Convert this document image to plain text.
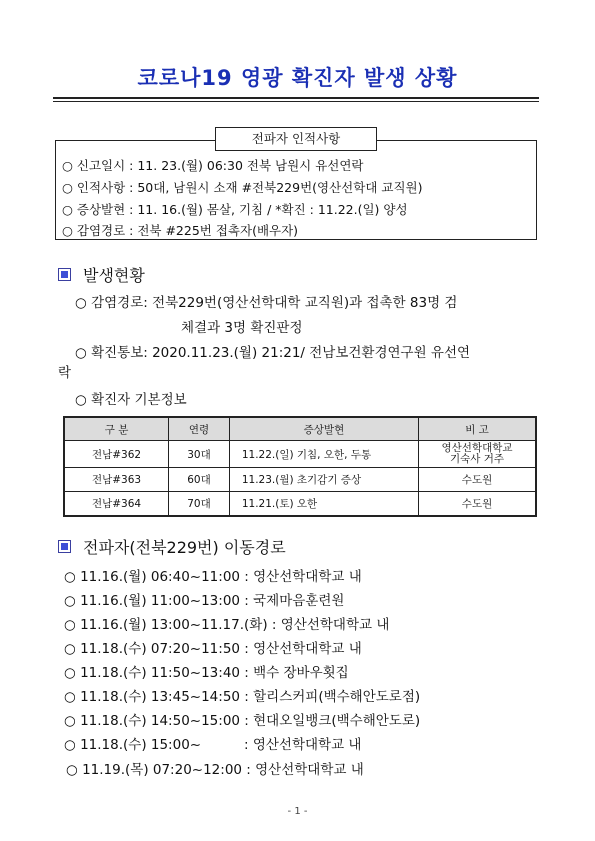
코로나19 영광 확진자 발생 상황
전파자 인적사항
○ 신고일시 : 11. 23.(월) 06:30 전북 남원시 유선연락
○ 인적사항 : 50대, 남원시 소재 #전북229번(영산선학대 교직원)
○ 증상발현 : 11. 16.(월) 몸살, 기침 / *확진 : 11.22.(일) 양성
○ 감염경로 : 전북 #225번 접촉자(배우자)
발생현황
○ 감염경로: 전북229번(영산선학대학 교직원)과 접촉한 83명 검
체결과 3명 확진판정
○ 확진통보: 2020.11.23.(월) 21:21/ 전남보건환경연구원 유선연
락
○ 확진자 기본정보
구 분	연령	증상발현	비 고
전남#362	30대	11.22.(일) 기침, 오한, 두통	영산선학대학교
기숙사 거주

전남#363	60대	11.23.(월) 초기감기 증상	수도원
전남#364	70대	11.21.(토) 오한	수도원
전파자(전북229번) 이동경로
○ 11.16.(월) 06:40~11:00 : 영산선학대학교 내
○ 11.16.(월) 11:00~13:00 : 국제마음훈련원
○ 11.16.(월) 13:00~11.17.(화) : 영산선학대학교 내
○ 11.18.(수) 07:20~11:50 : 영산선학대학교 내
○ 11.18.(수) 11:50~13:40 : 백수 장바우횟집
○ 11.18.(수) 13:45~14:50 : 할리스커피(백수해안도로점)
○ 11.18.(수) 14:50~15:00 : 현대오일뱅크(백수해안도로)
○ 11.18.(수) 15:00~          : 영산선학대학교 내
○ 11.19.(목) 07:20~12:00 : 영산선학대학교 내
- 1 -
